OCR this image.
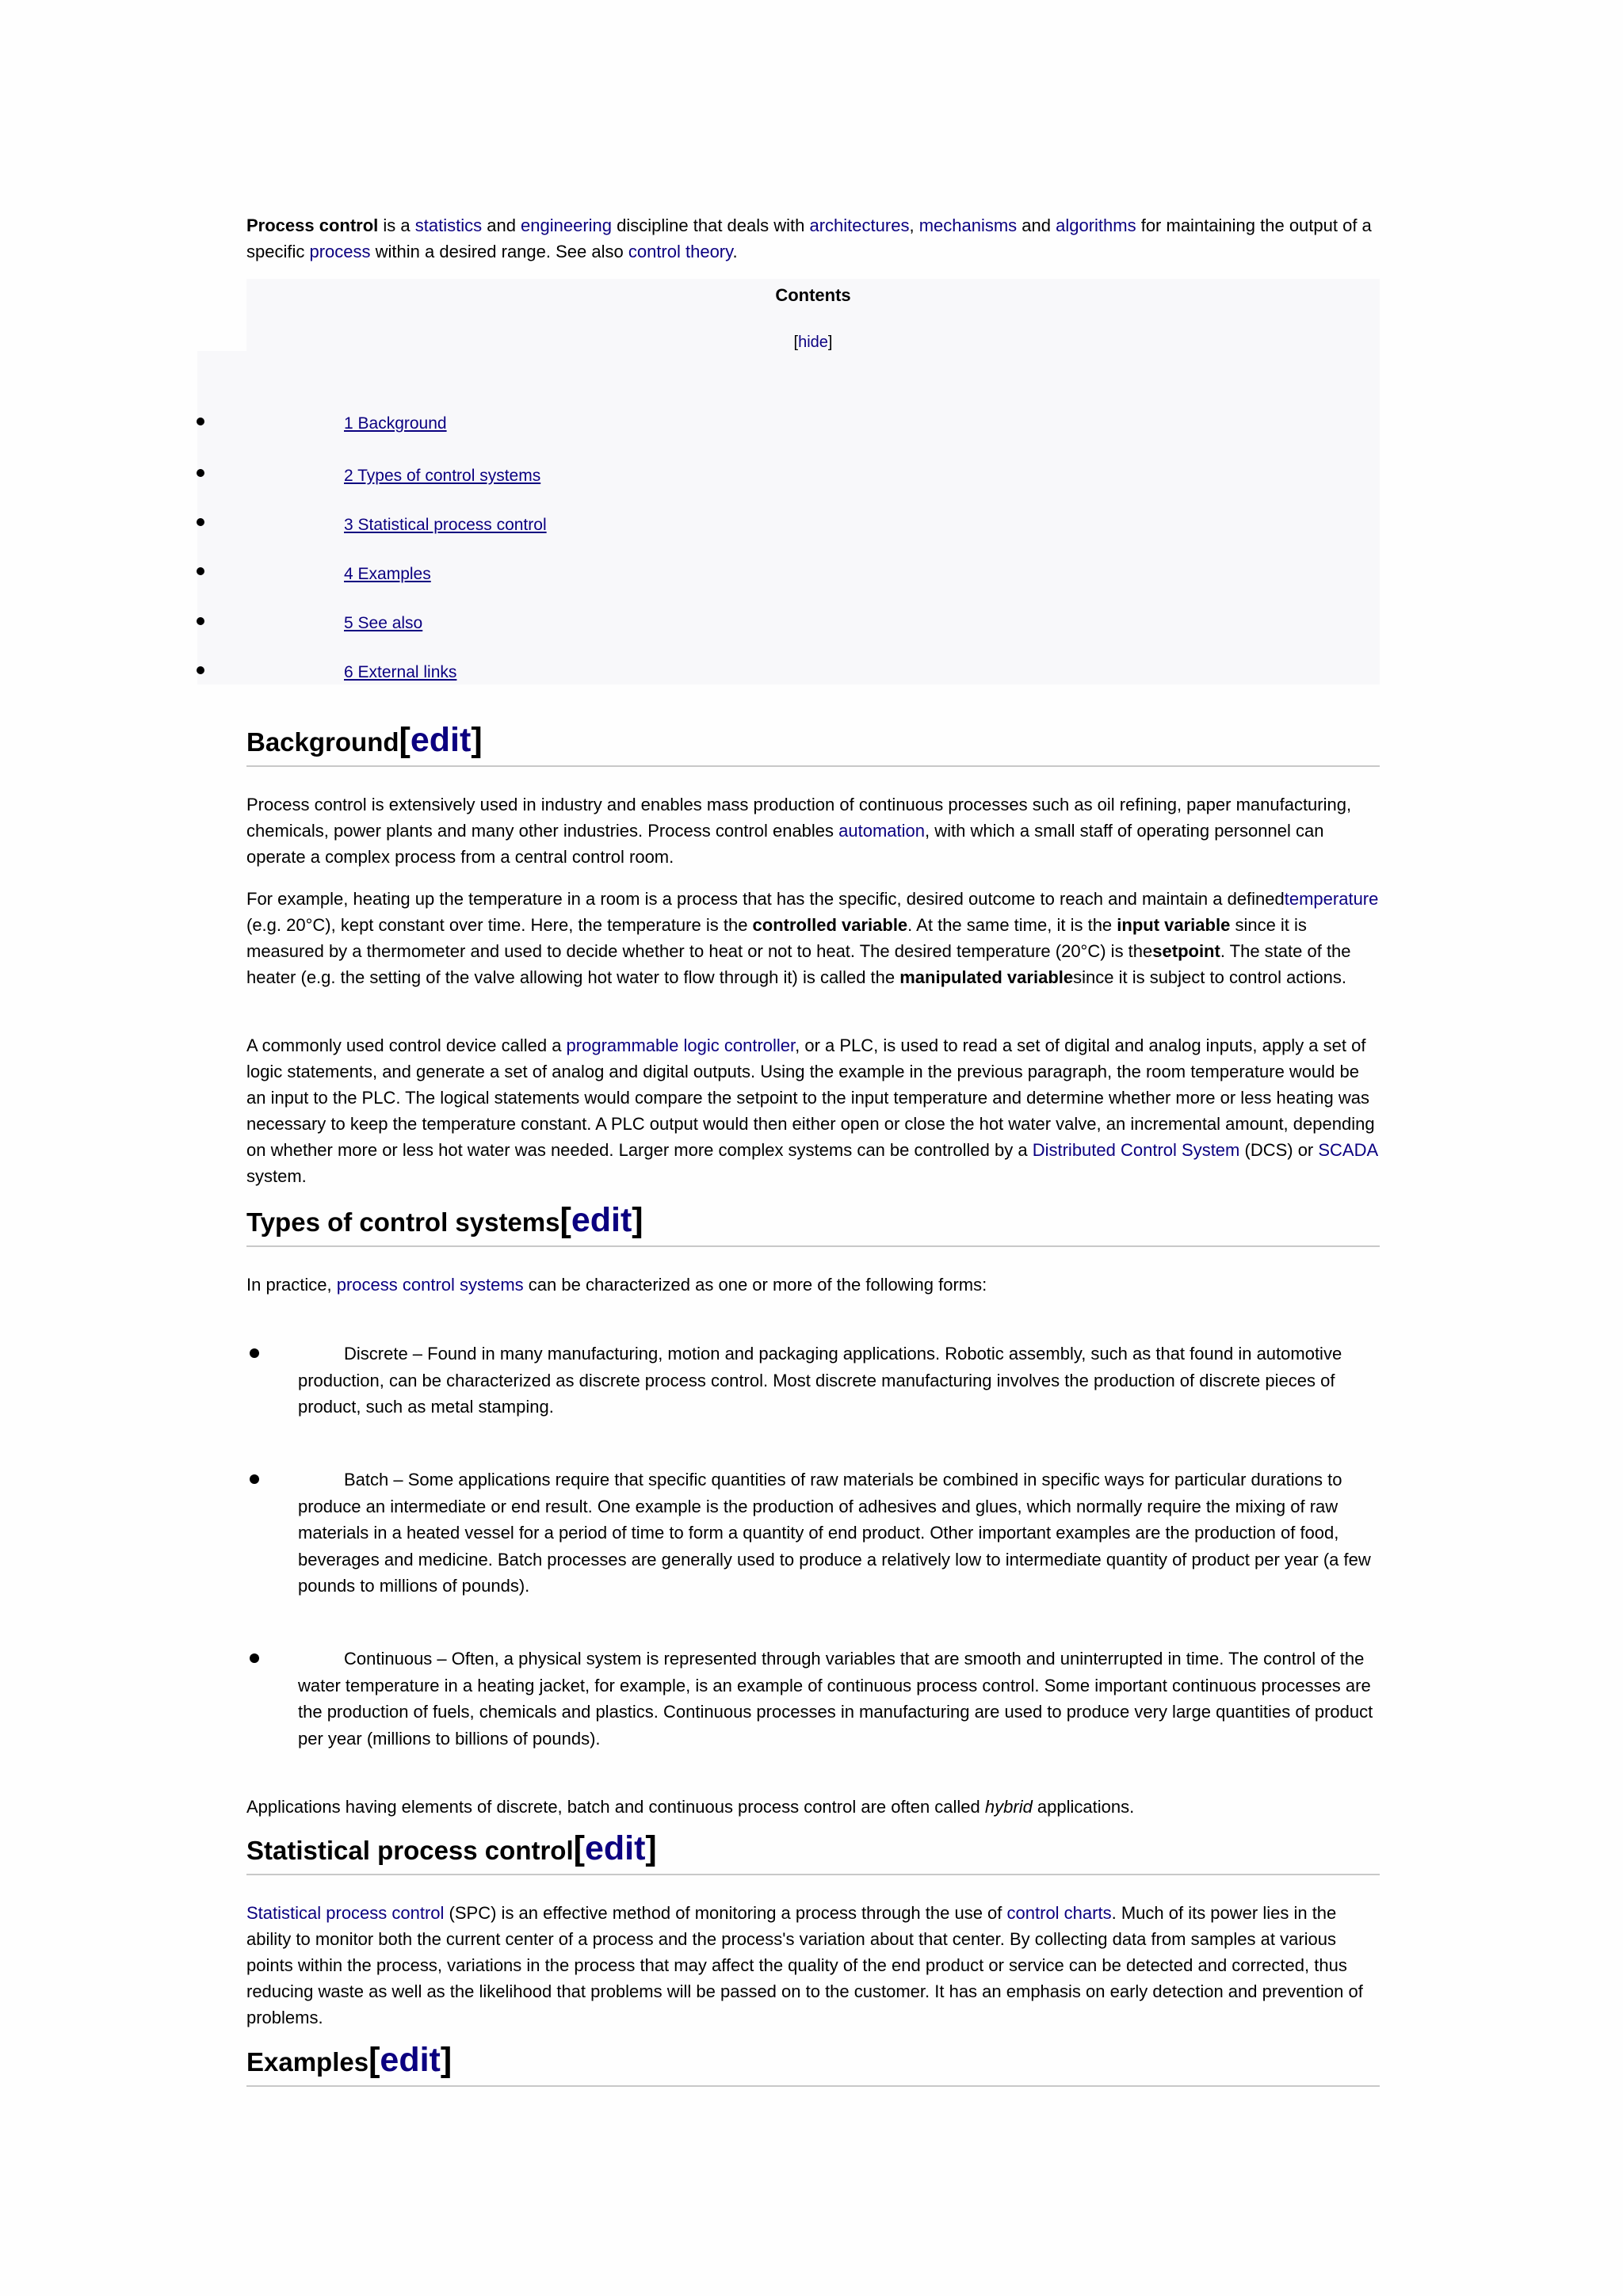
Process control is a statistics and engineering discipline that deals with architectures, mechanisms and algorithms for maintaining the output of a specific process within a desired range. See also control theory.
Contents
[hide]
1 Background
2 Types of control systems
3 Statistical process control
4 Examples
5 See also
6 External links
Background[edit]
Process control is extensively used in industry and enables mass production of continuous processes such as oil refining, paper manufacturing, chemicals, power plants and many other industries. Process control enables automation, with which a small staff of operating personnel can operate a complex process from a central control room.
For example, heating up the temperature in a room is a process that has the specific, desired outcome to reach and maintain a definedtemperature (e.g. 20°C), kept constant over time. Here, the temperature is the controlled variable. At the same time, it is the input variable since it is measured by a thermometer and used to decide whether to heat or not to heat. The desired temperature (20°C) is thesetpoint. The state of the heater (e.g. the setting of the valve allowing hot water to flow through it) is called the manipulated variablesince it is subject to control actions.
A commonly used control device called a programmable logic controller, or a PLC, is used to read a set of digital and analog inputs, apply a set of logic statements, and generate a set of analog and digital outputs. Using the example in the previous paragraph, the room temperature would be an input to the PLC. The logical statements would compare the setpoint to the input temperature and determine whether more or less heating was necessary to keep the temperature constant. A PLC output would then either open or close the hot water valve, an incremental amount, depending on whether more or less hot water was needed. Larger more complex systems can be controlled by a Distributed Control System (DCS) or SCADA system.
Types of control systems[edit]
In practice, process control systems can be characterized as one or more of the following forms:
Discrete – Found in many manufacturing, motion and packaging applications. Robotic assembly, such as that found in automotive production, can be characterized as discrete process control. Most discrete manufacturing involves the production of discrete pieces of product, such as metal stamping.
Batch – Some applications require that specific quantities of raw materials be combined in specific ways for particular durations to produce an intermediate or end result. One example is the production of adhesives and glues, which normally require the mixing of raw materials in a heated vessel for a period of time to form a quantity of end product. Other important examples are the production of food, beverages and medicine. Batch processes are generally used to produce a relatively low to intermediate quantity of product per year (a few pounds to millions of pounds).
Continuous – Often, a physical system is represented through variables that are smooth and uninterrupted in time. The control of the water temperature in a heating jacket, for example, is an example of continuous process control. Some important continuous processes are the production of fuels, chemicals and plastics. Continuous processes in manufacturing are used to produce very large quantities of product per year (millions to billions of pounds).
Applications having elements of discrete, batch and continuous process control are often called hybrid applications.
Statistical process control[edit]
Statistical process control (SPC) is an effective method of monitoring a process through the use of control charts. Much of its power lies in the ability to monitor both the current center of a process and the process's variation about that center. By collecting data from samples at various points within the process, variations in the process that may affect the quality of the end product or service can be detected and corrected, thus reducing waste as well as the likelihood that problems will be passed on to the customer. It has an emphasis on early detection and prevention of problems.
Examples[edit]
